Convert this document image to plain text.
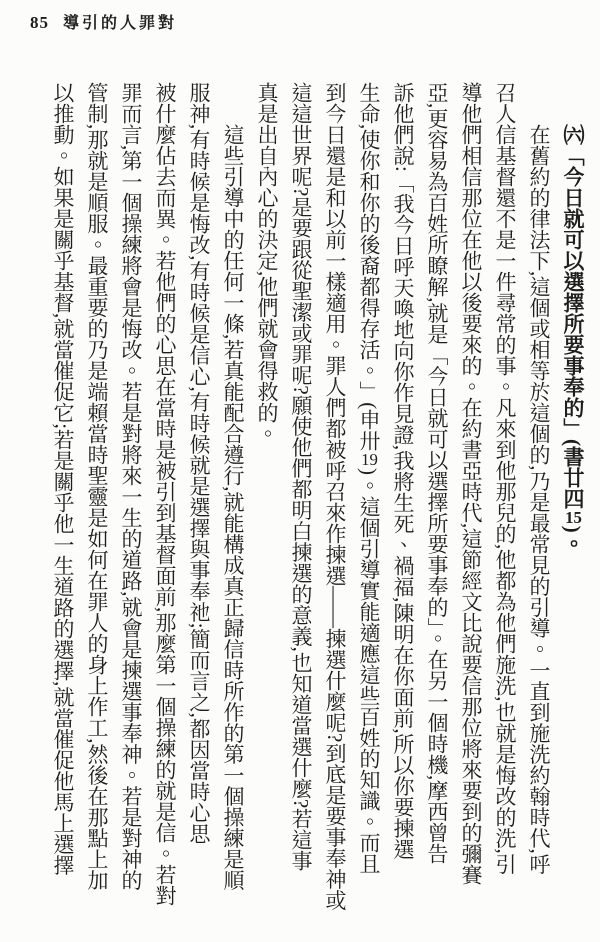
85 導引的人罪對

　　㈥「今日就可以選擇所要事奉的」(書廿四15)。

　　在舊約的律法下,這個或相等於這個的,乃是最常見的引導。一直到施洗約翰時代,呼

召人信基督還不是一件尋常的事。凡來到他那兒的,他都為他們施洗,也就是悔改的洗,引

導他們相信那位在他以後要來的。在約書亞時代,這節經文比說要信那位將來要到的彌賽

亞,更容易為百姓所瞭解,就是「今日就可以選擇所要事奉的」。在另一個時機,摩西曾告

訴他們說:「我今日呼天喚地向你作見證,我將生死、禍福,陳明在你面前,所以你要揀選

生命,使你和你的後裔都得存活。」(申卅19)。這個引導實能適應這些百姓的知識。而且

到今日還是和以前一樣適用。罪人們都被呼召來作揀選——揀選什麼呢?到底是要事奉神或

這這世界呢?是要跟從聖潔或罪呢?願使他們都明白揀選的意義,也知道當選什麼?若這事

真是出自內心的決定,他們就會得救的。

　　這些引導中的任何一條,若真能配合遵行,就能構成真正歸信時所作的第一個操練是順

服神,有時候是悔改,有時候是信心,有時候就是選擇與事奉祂;簡而言之,都因當時心思

被什麼佔去而異。若他們的心思在當時是被引到基督面前,那麼第一個操練的就是信。若對

罪而言,第一個操練將會是悔改。若是對將來一生的道路,就會是揀選事奉神。若是對神的

管制,那就是順服。最重要的乃是端賴當時聖靈是如何在罪人的身上作工,然後在那點上加

以推動。如果是關乎基督,就當催促它;若是關乎他一生道路的選擇,就當催促他馬上選擇
